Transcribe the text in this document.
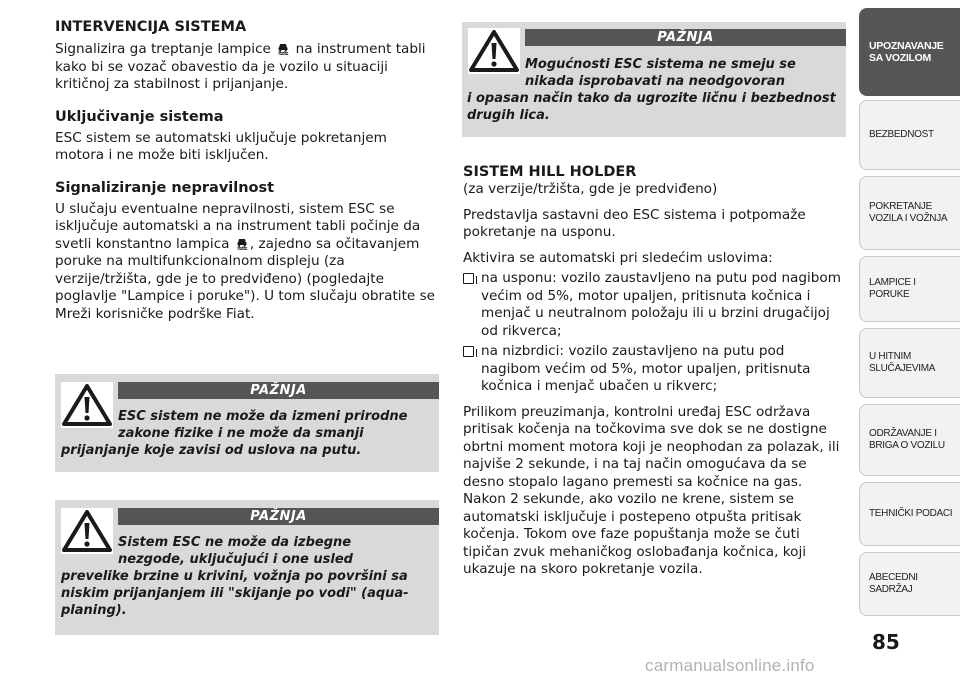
INTERVENCIJA SISTEMA

Signalizira ga treptanje lampice na instrument tabli kako bi se vozač obavestio da je vozilo u situaciji kritičnoj za stabilnost i prijanjanje.

Uključivanje sistema

ESC sistem se automatski uključuje pokretanjem motora i ne može biti isključen.

Signaliziranje nepravilnost

U slučaju eventualne nepravilnosti, sistem ESC se isključuje automatski a na instrument tabli počinje da svetli konstantno lampica , zajedno sa očitavanjem poruke na multifunkcionalnom displeju (za verzije/tržišta, gde je to predviđeno) (pogledajte poglavlje "Lampice i poruke"). U tom slučaju obratite se Mreži korisničke podrške Fiat.

PAŽNJA
ESC sistem ne može da izmeni prirodne
zakone fizike i ne može da smanji
prijanjanje koje zavisi od uslova na putu.
PAŽNJA
Sistem ESC ne može da izbegne
nezgode, uključujući i one usled
prevelike brzine u krivini, vožnja po površini sa niskim prijanjanjem ili "skijanje po vodi" (aqua-planing).
PAŽNJA
Mogućnosti ESC sistema ne smeju se
nikada isprobavati na neodgovoran
i opasan način tako da ugrozite ličnu i bezbednost drugih lica.
SISTEM HILL HOLDER

(za verzije/tržišta, gde je predviđeno)

Predstavlja sastavni deo ESC sistema i potpomaže pokretanje na usponu.

Aktivira se automatski pri sledećim uslovima:

na usponu: vozilo zaustavljeno na putu pod nagibom većim od 5%, motor upaljen, pritisnuta kočnica i menjač u neutralnom položaju ili u brzini drugačijoj od rikverca;
na nizbrdici: vozilo zaustavljeno na putu pod nagibom većim od 5%, motor upaljen, pritisnuta kočnica i menjač ubačen u rikverc;

Prilikom preuzimanja, kontrolni uređaj ESC održava pritisak kočenja na točkovima sve dok se ne dostigne obrtni moment motora koji je neophodan za polazak, ili najviše 2 sekunde, i na taj način omogućava da se desno stopalo lagano premesti sa kočnice na gas. Nakon 2 sekunde, ako vozilo ne krene, sistem se automatski isključuje i postepeno otpušta pritisak kočenja. Tokom ove faze popuštanja može se čuti tipičan zvuk mehaničkog oslobađanja kočnica, koji ukazuje na skoro pokretanje vozila.

UPOZNAVANJE SA VOZILOM
BEZBEDNOST
POKRETANJE VOZILA I VOŽNJA
LAMPICE I PORUKE
U HITNIM SLUČAJEVIMA
ODRŽAVANJE I BRIGA O VOZILU
TEHNIČKI PODACI
ABECEDNI SADRŽAJ
85
carmanualsonline.info
